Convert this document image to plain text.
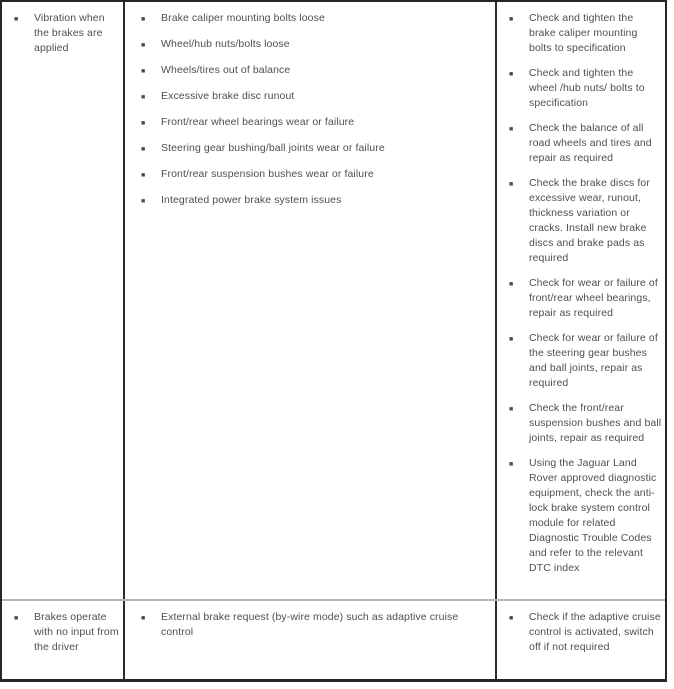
■ Vibration when the brakes are applied
■ Brake caliper mounting bolts loose
■ Wheel/hub nuts/bolts loose
■ Wheels/tires out of balance
■ Excessive brake disc runout
■ Front/rear wheel bearings wear or failure
■ Steering gear bushing/ball joints wear or failure
■ Front/rear suspension bushes wear or failure
■ Integrated power brake system issues
■ Check and tighten the brake caliper mounting bolts to specification
■ Check and tighten the wheel /hub nuts/ bolts to specification
■ Check the balance of all road wheels and tires and repair as required
■ Check the brake discs for excessive wear, runout, thickness variation or cracks. Install new brake discs and brake pads as required
■ Check for wear or failure of front/rear wheel bearings, repair as required
■ Check for wear or failure of the steering gear bushes and ball joints, repair as required
■ Check the front/rear suspension bushes and ball joints, repair as required
■ Using the Jaguar Land Rover approved diagnostic equipment, check the anti-lock brake system control module for related Diagnostic Trouble Codes and refer to the relevant DTC index
■ Brakes operate with no input from the driver
■ External brake request (by-wire mode) such as adaptive cruise control
■ Check if the adaptive cruise control is activated, switch off if not required
